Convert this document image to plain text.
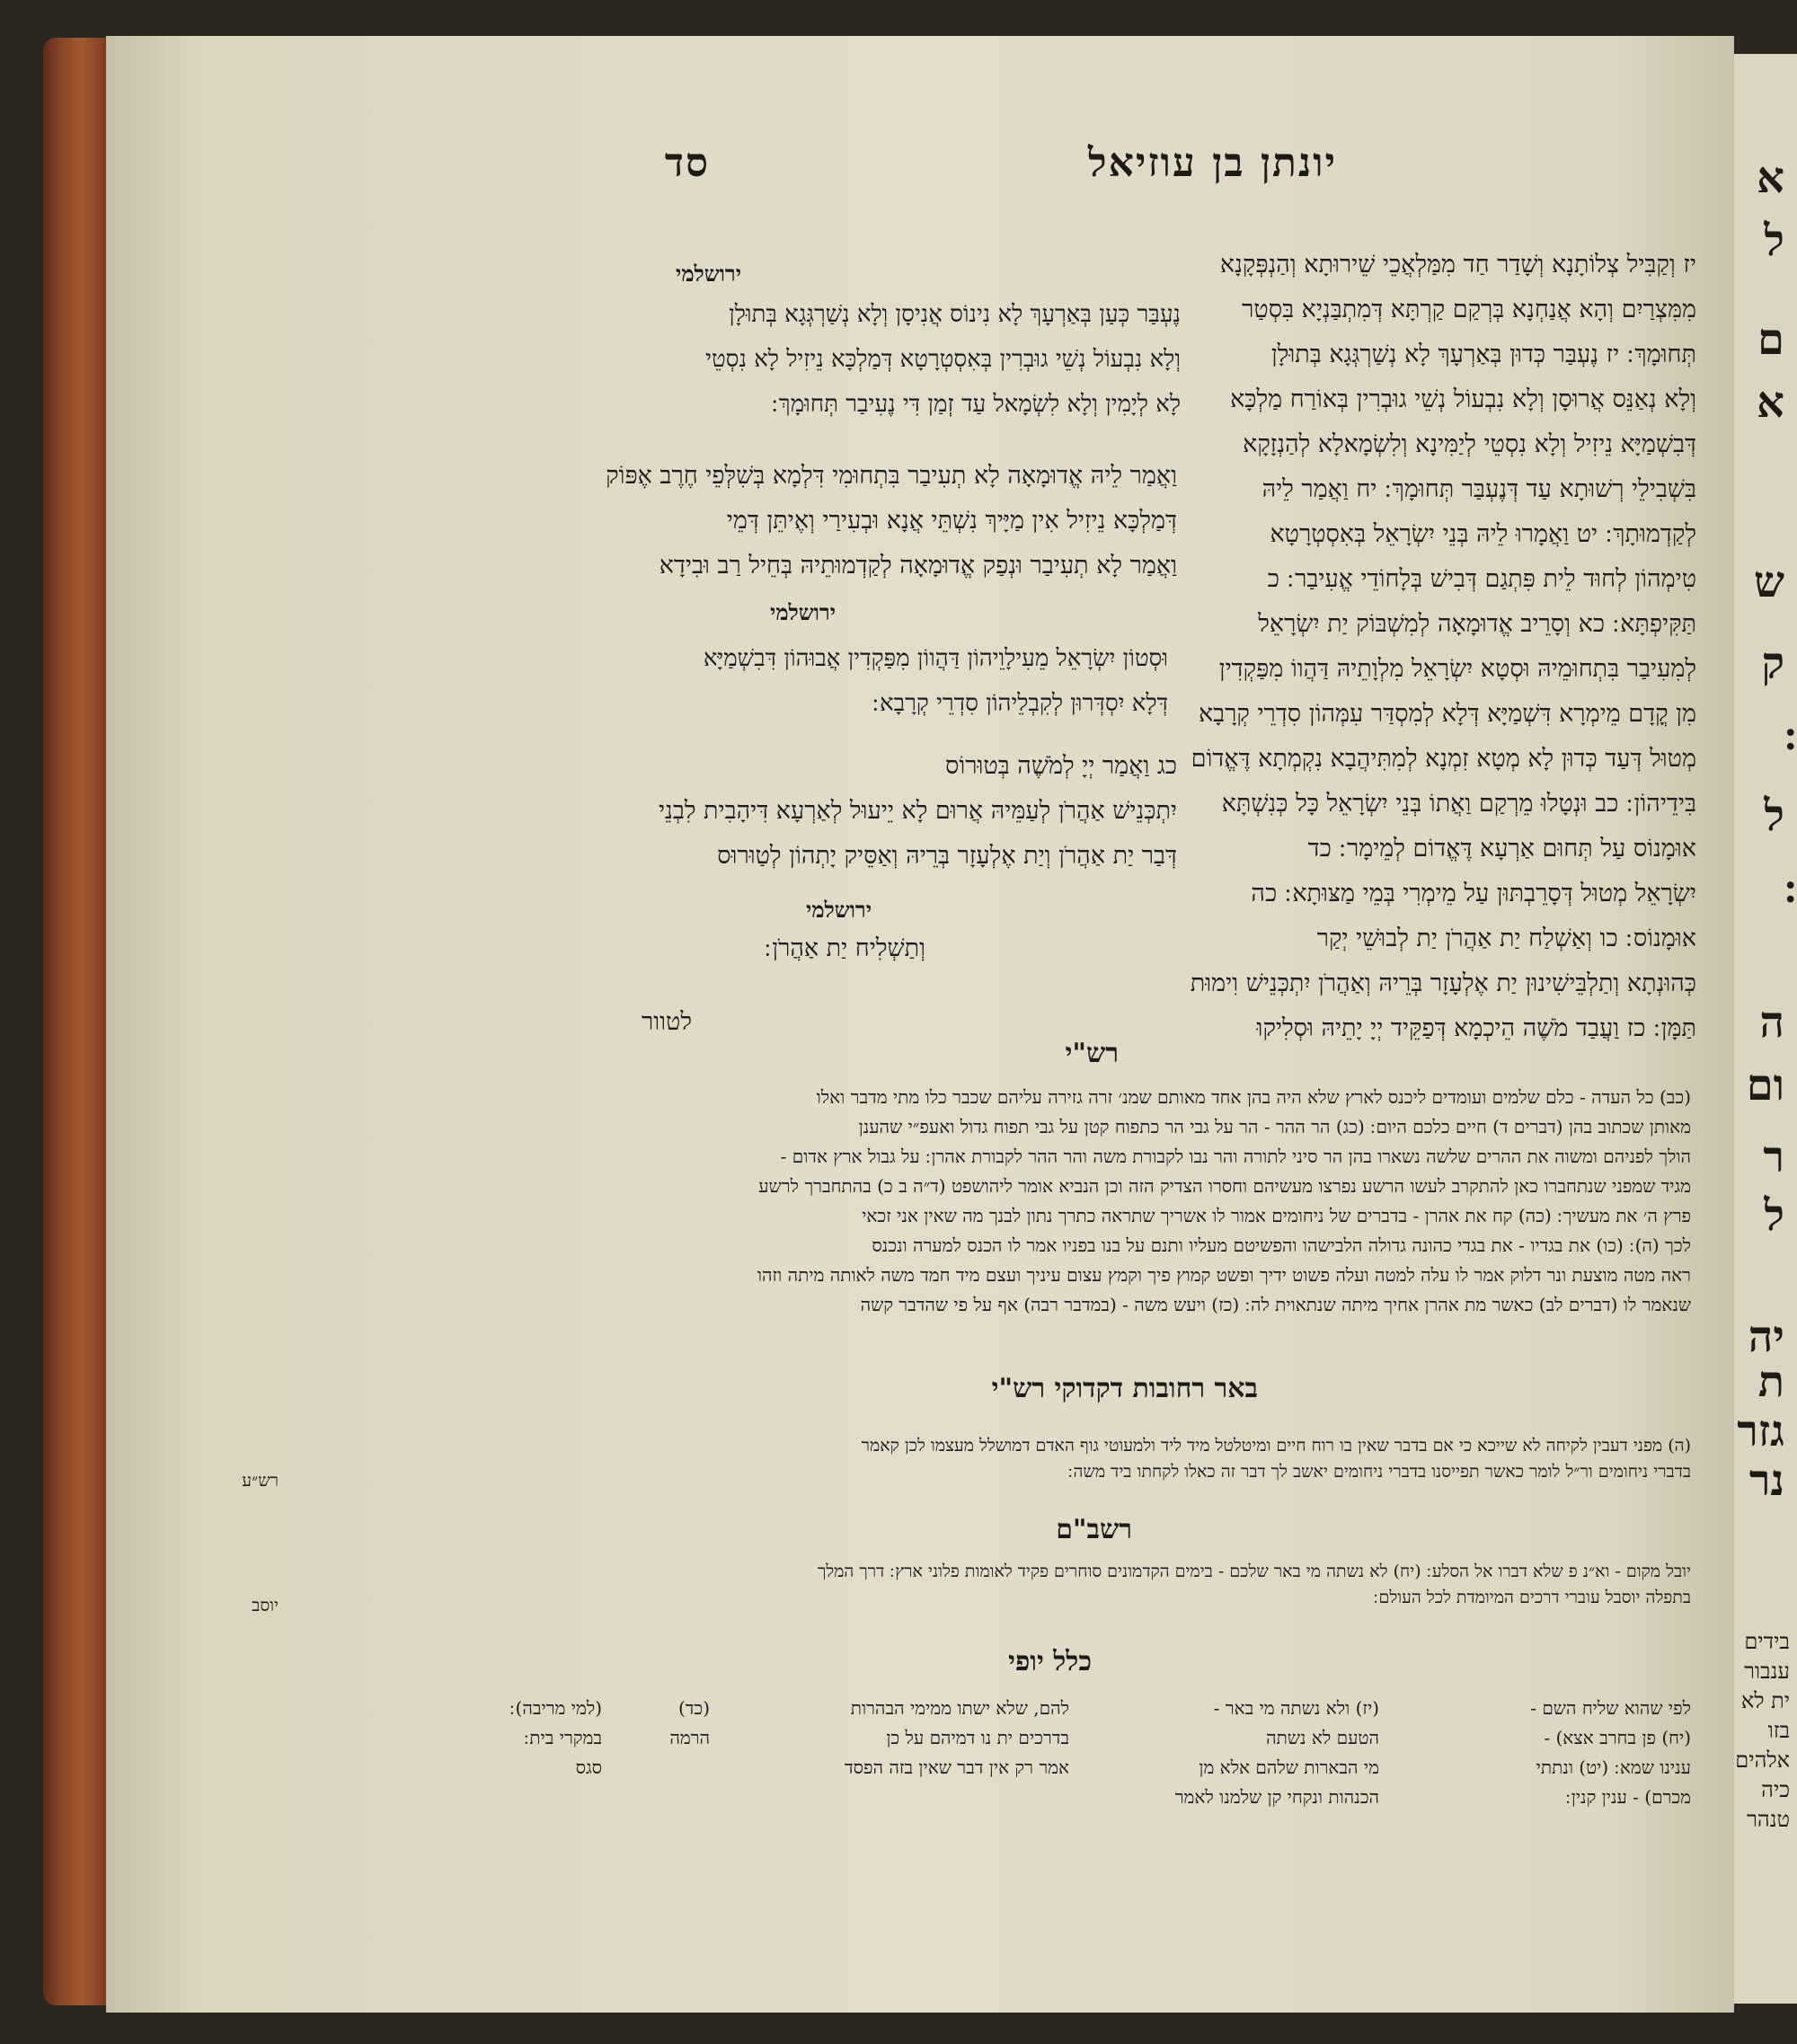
א
ל
ם
א
ש
ק
ל
ה
ום
ר
ל
יה
ת
גזר
נר
בידים
ענבור
ית לא
בזו
אלהים
כיה
טנהר
יונתן בן עוזיאל
סד
יז וְקַבִּיל צְלוֹתָנָא וְשָׁדַר חַד מִמַּלְאֲכֵי שֵׁירוּתָא וְהַנְפְּקָנָא
מִמִּצְרַיִם וְהָא אֲנַחְנָא בְּרְקַם קַרְתָּא דְּמִתְבַּנְיָא בִּסְטַר
תְּחוּמָךְ ׃ יז נֶעְבַּר כְּדוּן בְּאַרְעָךְ לָא נְשַׁרְגְּגָא בְּתוּלָן
וְלָא נְאַנֵּס אֲרוּסָן וְלָא נִבְעוֹל נְשֵׁי גוּבְרִין בְּאוֹרַח מַלְכָּא
דְּבִשְׁמַיָּא נֵיזִיל וְלָא נִסְטֵי לְיַמִּינָא וְלִשְׂמָאלָא לְהַנְזָקָא
בִּשְׁבִילֵי רְשׁוּתָא עַד דְּנֶעְבַּר תְּחוּמָךְ ׃ יח וַאֲמַר לֵיהּ
לְקַדְמוּתָךְ ׃ יט וַאֲמָרוּ לֵיהּ בְּנֵי יִשְׂרָאֵל בְּאִסְטְרָטָא
טִימְהוֹן לְחוּד לֵית פִּתְגַם דְּבִישׁ בְּלָחוֹדֵי אֱעִיבַר ׃ כ
תַּקִּיפְתָּא ׃ כא וְסָרֵיב אֱדוּמָאָה לְמִשְׁבּוֹק יַת יִשְׂרָאֵל
לְמִעִיבַר בִּתְחוּמֵיהּ וּסְטָא יִשְׂרָאֵל מִלְוָתֵיהּ דַּהֲווֹ מִפַּקְדִין
מִן קֳדָם מֵימְרָא דִּשְׁמַיָּא דְּלָא לְמִסְדַּר עִמְּהוֹן סִדְרֵי קְרָבָא
מְטוּל דְּעַד כְּדוּן לָא מְטָא זִמְנָא לְמִתִּיהֲבָא נִקְמְתָא דֶּאֱדוֹם
בִּידֵיהוֹן ׃ כב וּנְטָלוּ מֵרְקַם וַאֲתוֹ בְּנֵי יִשְׂרָאֵל כָּל כְּנִשְׁתָּא
אוּמָנוֹס עַל תְּחוּם אַרְעָא דֶּאֱדוֹם לְמֵימָר ׃ כד
יִשְׂרָאֵל מְטוּל דְּסָרֵבְתּוּן עַל מֵימְרִי בְּמֵי מַצּוּתָא ׃ כה
אוּמָנוֹס ׃ כו וְאַשְׁלַח יַת אַהֲרֹן יַת לְבוּשֵׁי יְקַר
כְּהוּנְתָא וְתַלְבֵּישִׁינוּן יַת אֶלְעָזָר בְּרֵיהּ וְאַהֲרֹן יִתְכְּנֵישׁ וִימוּת
תַּמָּן ׃ כז וַעֲבַד מֹשֶׁה הֵיכְמָא דְּפַקֵּיד יְיָ יָתֵיהּ וּסְלִיקוּ
ירושלמי
נֶעְבַּר כְּעַן בְּאַרְעָךְ לָא נִינוֹס אֲנִיסָן וְלָא נְשַׁרְגְּגָא בְּתוּלָן
וְלָא נִבְעוֹל נְשֵׁי גוּבְרִין בְּאִסְטְרָטָא דְּמַלְכָּא נֵיזִיל לָא נִסְטֵי
לָא לְיָמִין וְלָא לִשְׂמָאל עַד זְמַן דִּי נֶעִיבַר תְּחוּמָךְ ׃
וַאֲמַר לֵיהּ אֱדוּמָאָה לָא תְעִיבַר בִּתְחוּמִי דִּלְמָא בְּשִׁלְּפֵי חֶרֶב אֶפּוֹק
דְּמַלְכָּא נֵיזִיל אִין מַיָּיךְ נִשְׁתֵּי אֲנָא וּבְעִירַי וְאֶיתֵּן דְּמֵי
וַאֲמַר לָא תְעִיבַר וּנְפַק אֱדוּמָאָה לְקַדְמוּתֵיהּ בְּחֵיל רַב וּבִידָא
ירושלמי
וּסְטוֹן יִשְׂרָאֵל מֵעִילָוֵיהוֹן דַּהֲווֹן מִפַּקְדִין אֲבוּהוֹן דִּבִשְׁמַיָּא
דְּלָא יִסְדְּרוּן לְקִבְלֵיהוֹן סִדְרֵי קְרָבָא ׃
כג וַאֲמַר יְיָ לְמֹשֶׁה בְּטוּרוֹס
יִתְכְּנֵישׁ אַהֲרֹן לְעַמֵּיהּ אֲרוּם לָא יֵיעוּל לְאַרְעָא דִּיהָבִית לִבְנֵי
דְּבַר יַת אַהֲרֹן וְיַת אֶלְעָזָר בְּרֵיהּ וְאַסֵּיק יָתְהוֹן לְטַוּרוּס
ירושלמי
וְתַשְׁלִיח יַת אַהֲרֹן ׃
לטוור
רש"י
(כב) כל העדה - כלם שלמים ועומדים ליכנס לארץ שלא היה בהן אחד מאותם שמנ׳ זרה גזירה עליהם שכבר כלו מתי מדבר ואלו
מאותן שכתוב בהן (דברים ד) חיים כלכם היום ׃ (כג) הר ההר - הר על גבי הר כתפוח קטן על גבי תפוח גדול ואעפ״י שהענן
הולך לפניהם ומשוה את ההרים שלשה נשארו בהן הר סיני לתורה והר נבו לקבורת משה והר ההר לקבורת אהרן ׃ על גבול ארץ אדום -
מגיד שמפני שנתחברו כאן להתקרב לעשו הרשע נפרצו מעשיהם וחסרו הצדיק הזה וכן הנביא אומר ליהושפט (ד״ה ב כ) בהתחברך לרשע
פרץ ה׳ את מעשיך ׃ (כה) קח את אהרן - בדברים של ניחומים אמור לו אשריך שתראה כתרך נתון לבנך מה שאין אני זכאי
לכך (ה) ׃ (כו) את בגדיו - את בגדי כהונה גדולה הלבישהו והפשיטם מעליו ותנם על בנו בפניו אמר לו הכנס למערה ונכנס
ראה מטה מוצעת ונר דלוק אמר לו עלה למטה ועלה פשוט ידיך ופשט קמוץ פיך וקמץ עצום עיניך ועצם מיד חמד משה לאותה מיתה וזהו
שנאמר לו (דברים לב) כאשר מת אהרן אחיך מיתה שנתאוית לה ׃ (כז) ויעש משה - (במדבר רבה) אף על פי שהדבר קשה
באר רחובות דקדוקי רש"י
(ה) מפני דעבין לקיחה לא שייכא כי אם בדבר שאין בו רוח חיים ומיטלטל מיד ליד ולמעוטי גוף האדם דמושלל מעצמו לכן קאמר
בדברי ניחומים ור״ל לומר כאשר תפייסנו בדברי ניחומים יאשב לך דבר זה כאלו לקחתו ביד משה ׃
רש״ע
רשב"ם
יובל מקום - וא״נ פ שלא דברו אל הסלע ׃ (יח) לא נשתה מי באר שלכם - בימים הקדמונים סוחרים פקיד לאומות פלוני ארץ ׃ דרך המלך
בתפלה יוסבל עוברי דרכים המיומדת לכל העולם ׃
יוסב
כלל יופי
לפי שהוא שליח השם -
(יח) פן בחרב אצא) -
ענינו שמא ׃ (יט) ונתתי
מכרם) - ענין קנין ׃
(יז) ולא נשתה מי באר -
הטעם לא נשתה
מי הבארות שלהם אלא מן
הכנהות ונקחי קן שלמנו לאמר
להם, שלא ישתו ממימי הבהרות
בדרכים ית נו דמיהם על כן
אמר רק אין דבר שאין בזה הפסד
(כד)
הרמה
(למי מריבה) ׃
במקרי בית ׃
סגס
